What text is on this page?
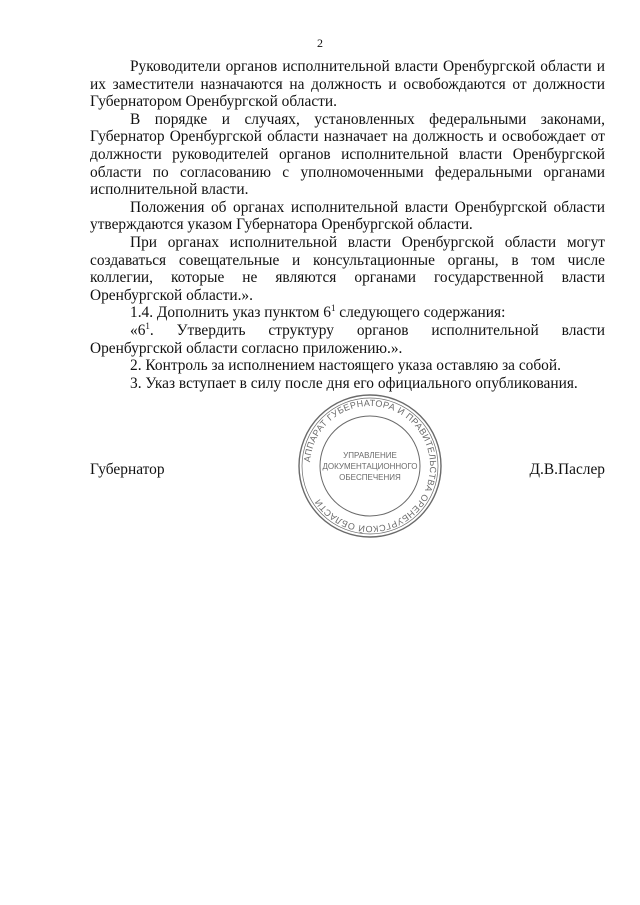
2

Руководители органов исполнительной власти Оренбургской области и их заместители назначаются на должность и освобождаются от должности Губернатором Оренбургской области.

В порядке и случаях, установленных федеральными законами, Губернатор Оренбургской области назначает на должность и освобождает от должности руководителей органов исполнительной власти Оренбургской области по согласованию с уполномоченными федеральными органами исполнительной власти.

Положения об органах исполнительной власти Оренбургской области утверждаются указом Губернатора Оренбургской области.

При органах исполнительной власти Оренбургской области могут создаваться совещательные и консультационные органы, в том числе коллегии, которые не являются органами государственной власти Оренбургской области.».

1.4. Дополнить указ пунктом $6^1$ следующего содержания:

«$6^1$. Утвердить структуру органов исполнительной власти Оренбургской области согласно приложению.».

2. Контроль за исполнением настоящего указа оставляю за собой.

3. Указ вступает в силу после дня его официального опубликования.

АППАРАТ ГУБЕРНАТОРА И ПРАВИТЕЛЬСТВА ОРЕНБУРГСКОЙ ОБЛАСТИ
УПРАВЛЕНИЕ
ДОКУМЕНТАЦИОННОГО
ОБЕСПЕЧЕНИЯ
Губернатор	Д.В.Паслер
